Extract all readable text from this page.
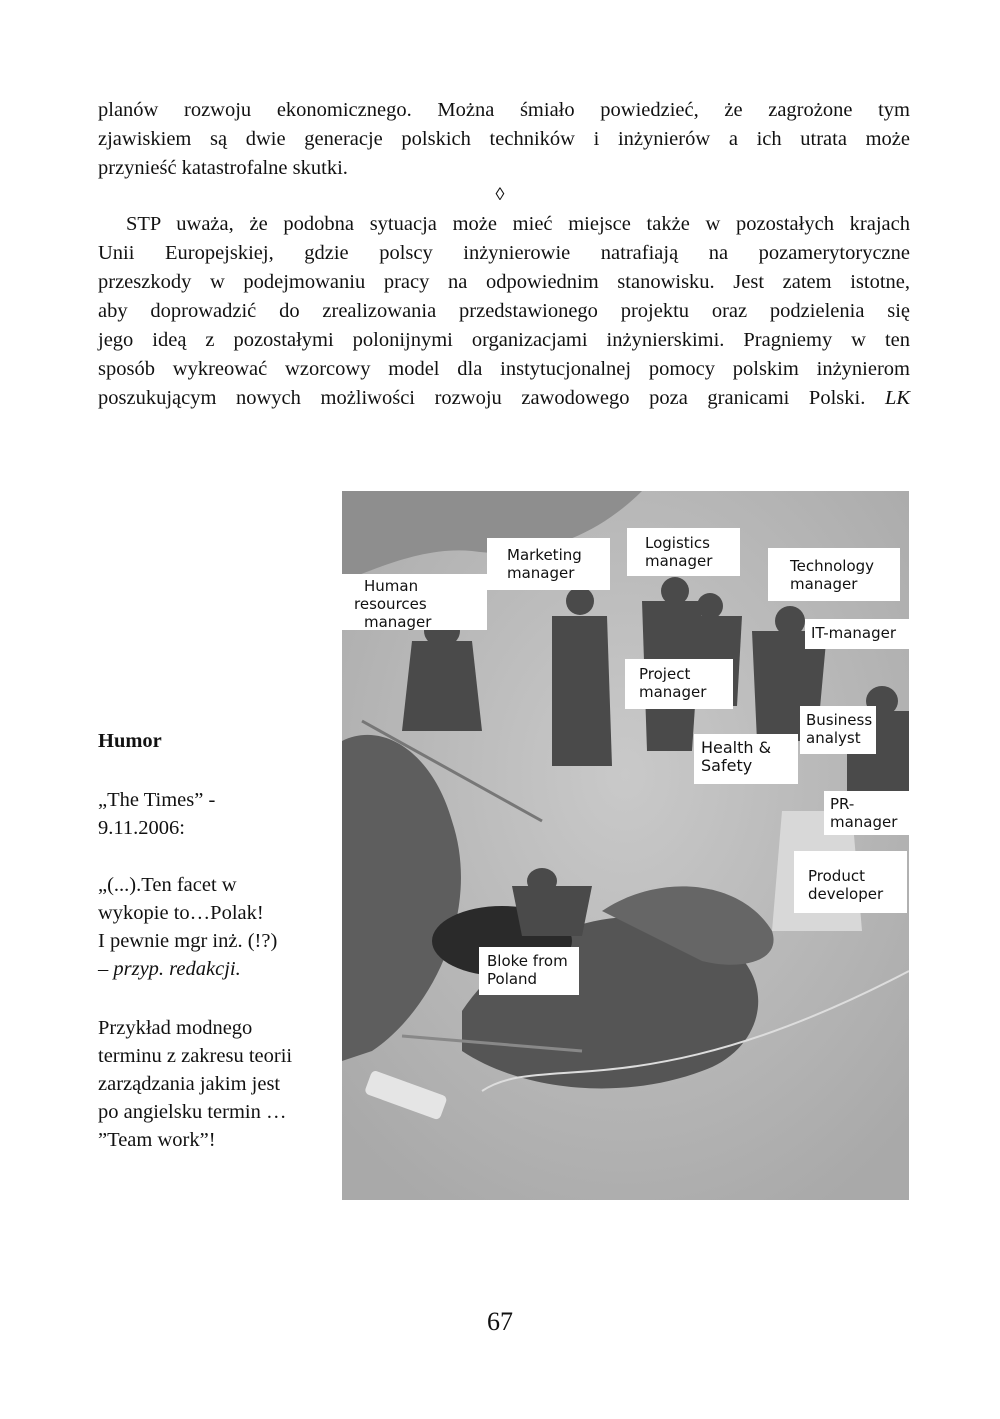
planów rozwoju ekonomicznego. Można śmiało powiedzieć, że zagrożone tym
zjawiskiem są dwie generacje polskich techników i inżynierów a ich utrata może
przynieść katastrofalne skutki.
◊
STP uważa, że podobna sytuacja może mieć miejsce także w pozostałych krajach
Unii Europejskiej, gdzie polscy inżynierowie natrafiają na pozamerytoryczne
przeszkody w podejmowaniu pracy na odpowiednim stanowisku. Jest zatem istotne,
aby doprowadzić do zrealizowania przedstawionego projektu oraz podzielenia się
jego ideą z pozostałymi polonijnymi organizacjami inżynierskimi. Pragniemy w ten
sposób wykreować wzorcowy model dla instytucjonalnej pomocy polskim inżynierom
poszukującym nowych możliwości rozwoju zawodowego poza granicami Polski. LK
Humor
„The Times” -
9.11.2006:
„(...).Ten facet w
wykopie to…Polak!
I pewnie mgr inż. (!?)
– przyp. redakcji.
Przykład modnego
terminu z zakresu teorii
zarządzania jakim jest
po angielsku termin …
”Team work”!
Human
resources
manager
Marketing
manager
Logistics
manager	Technology
manager
IT-manager
Project
manager
Business
analyst
Health &
Safety
PR-
manager
Product
developer
Bloke from
Poland
67
